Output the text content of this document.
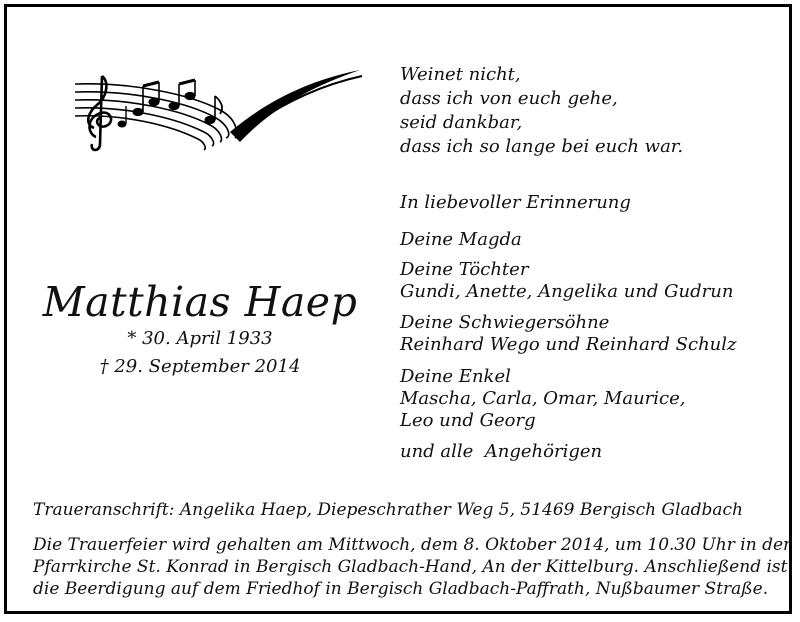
Weinet nicht,
dass ich von euch gehe,
seid dankbar,
dass ich so lange bei euch war.
Matthias Haep
* 30. April 1933
† 29. September 2014
In liebevoller Erinnerung
Deine Magda
Deine Töchter
Gundi, Anette, Angelika und Gudrun
Deine Schwiegersöhne
Reinhard Wego und Reinhard Schulz
Deine Enkel
Mascha, Carla, Omar, Maurice,
Leo und Georg
und alle  Angehörigen
Traueranschrift: Angelika Haep, Diepeschrather Weg 5, 51469 Bergisch Gladbach
Die Trauerfeier wird gehalten am Mittwoch, dem 8. Oktober 2014, um 10.30 Uhr in der
Pfarrkirche St. Konrad in Bergisch Gladbach-Hand, An der Kittelburg. Anschließend ist
die Beerdigung auf dem Friedhof in Bergisch Gladbach-Paffrath, Nußbaumer Straße.
